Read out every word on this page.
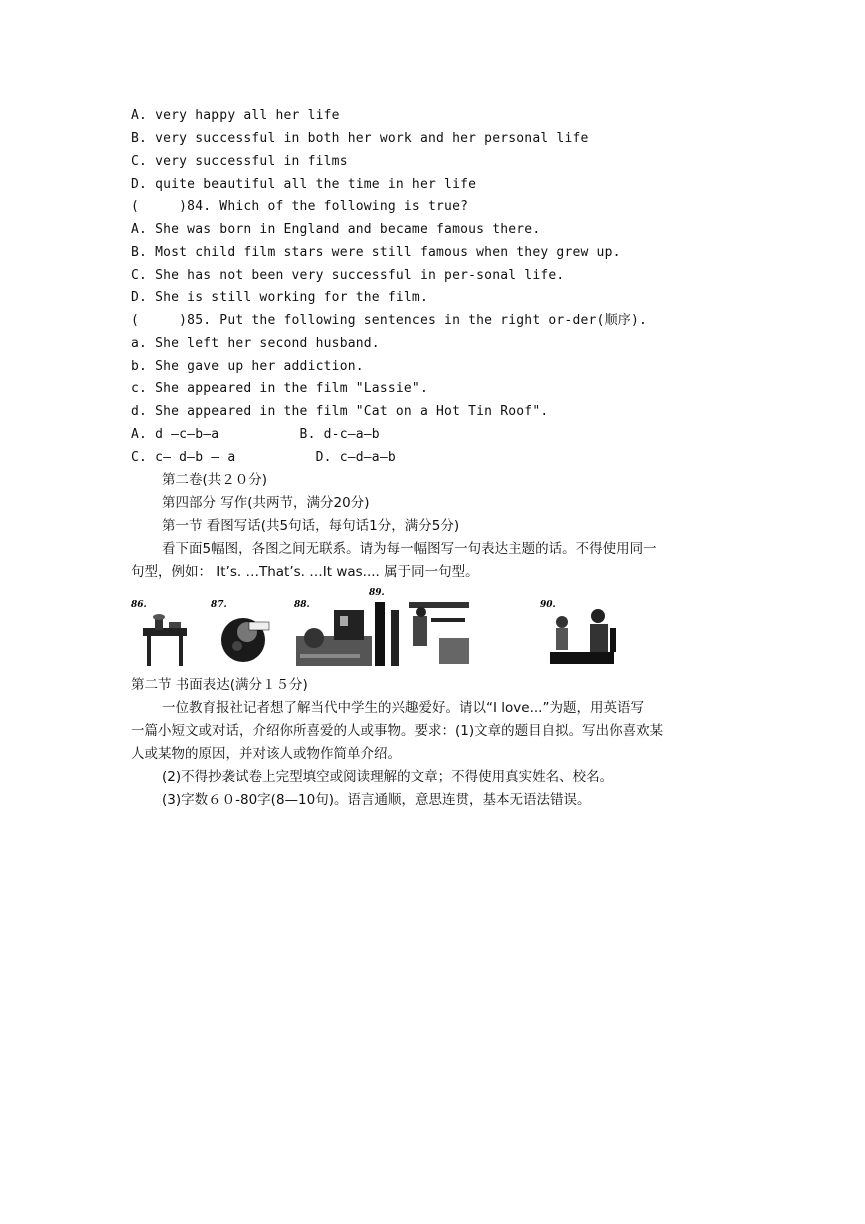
A. very happy all her life
B. very successful in both her work and her personal life
C. very successful in films
D. quite beautiful all the time in her life
(     )84. Which of the following is true?
A. She was born in England and became famous there.
B. Most child film stars were still famous when they grew up.
C. She has not been very successful in per-sonal life.
D. She is still working for the film.
(     )85. Put the following sentences in the right or-der(顺序).
a. She left her second husband.
b. She gave up her addiction.
c. She appeared in the film "Lassie".
d. She appeared in the film "Cat on a Hot Tin Roof".
A. d —c—b—a          B. d-c—a—b
C. c— d—b — a          D. c—d—a—b
第二卷(共２０分)
第四部分 写作(共两节，满分20分)
第一节 看图写话(共5句话，每句话1分，满分5分)
看下面5幅图，各图之间无联系。请为每一幅图写一句表达主题的话。不得使用同一
句型，例如： It’s. …That’s. …It was.... 属于同一句型。
86.	87.	88.
89.
90.
第二节 书面表达(满分１５分)
一位教育报社记者想了解当代中学生的兴趣爱好。请以“I love...”为题，用英语写
一篇小短文或对话，介绍你所喜爱的人或事物。要求：(1)文章的题目自拟。写出你喜欢某
人或某物的原因，并对该人或物作简单介绍。
(2)不得抄袭试卷上完型填空或阅读理解的文章；不得使用真实姓名、校名。
(3)字数６０-80字(8—10句)。语言通顺，意思连贯，基本无语法错误。
